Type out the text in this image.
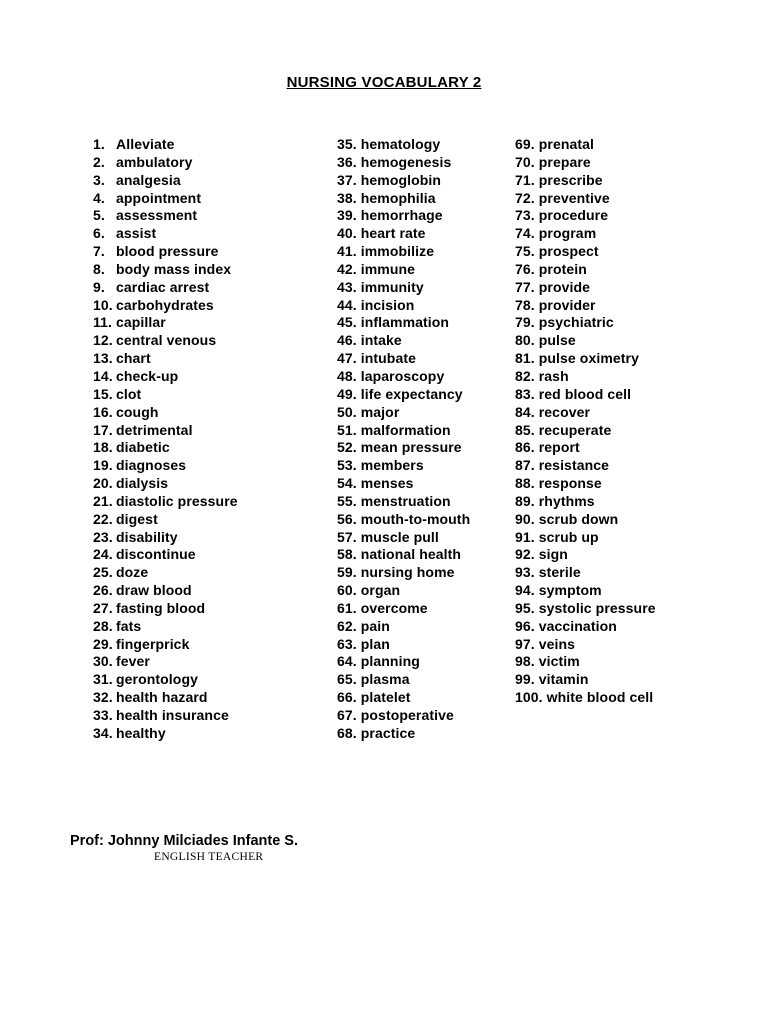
NURSING VOCABULARY 2
1. Alleviate
2. ambulatory
3. analgesia
4. appointment
5. assessment
6. assist
7. blood pressure
8. body mass index
9. cardiac arrest
10. carbohydrates
11. capillar
12. central venous
13. chart
14. check-up
15. clot
16. cough
17. detrimental
18. diabetic
19. diagnoses
20. dialysis
21. diastolic pressure
22. digest
23. disability
24. discontinue
25. doze
26. draw blood
27. fasting blood
28. fats
29. fingerprick
30. fever
31. gerontology
32. health hazard
33. health insurance
34. healthy
35. hematology
36. hemogenesis
37. hemoglobin
38. hemophilia
39. hemorrhage
40. heart rate
41. immobilize
42. immune
43. immunity
44. incision
45. inflammation
46. intake
47. intubate
48. laparoscopy
49. life expectancy
50. major
51. malformation
52. mean pressure
53. members
54. menses
55. menstruation
56. mouth-to-mouth
57. muscle pull
58. national health
59. nursing home
60. organ
61. overcome
62. pain
63. plan
64. planning
65. plasma
66. platelet
67. postoperative
68. practice
69. prenatal
70. prepare
71. prescribe
72. preventive
73. procedure
74. program
75. prospect
76. protein
77. provide
78. provider
79. psychiatric
80. pulse
81. pulse oximetry
82. rash
83. red blood cell
84. recover
85. recuperate
86. report
87. resistance
88. response
89. rhythms
90. scrub down
91. scrub up
92. sign
93. sterile
94. symptom
95. systolic pressure
96. vaccination
97. veins
98. victim
99. vitamin
100. white blood cell
Prof: Johnny Milciades Infante S.
ENGLISH TEACHER
